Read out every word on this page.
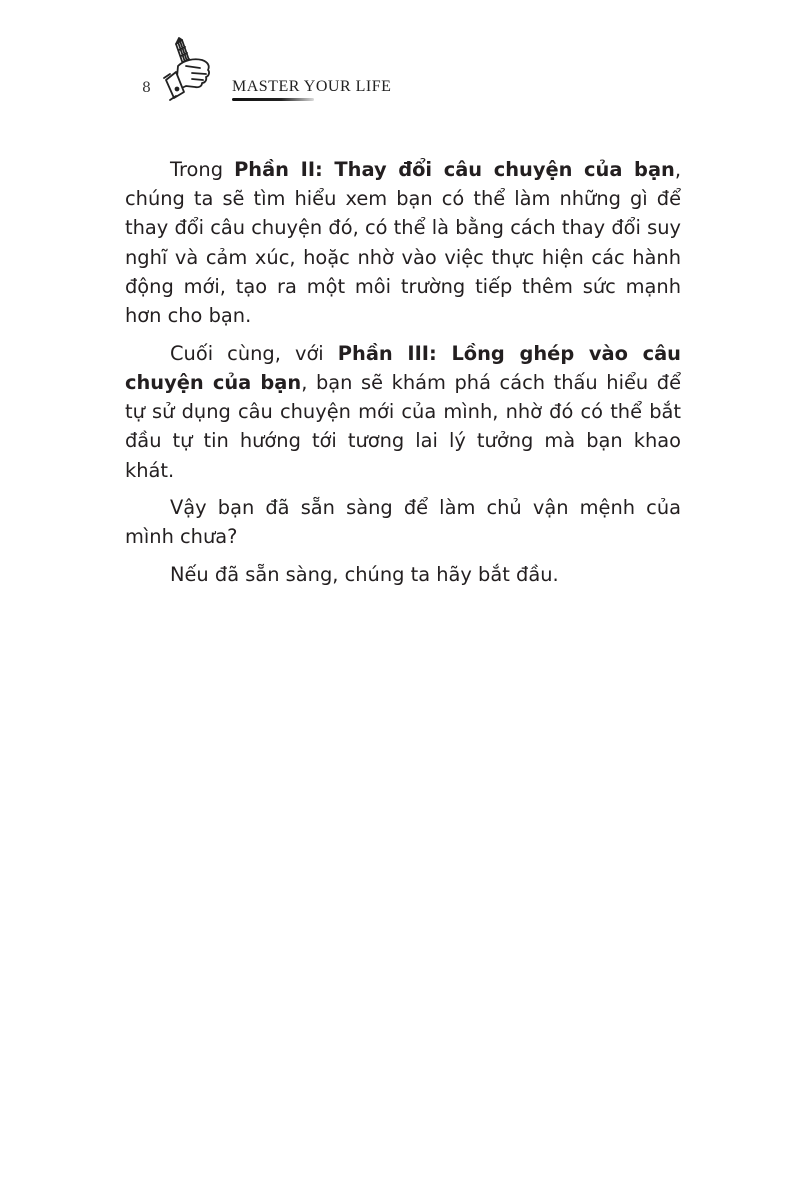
8	MASTER YOUR LIFE

Trong Phần II: Thay đổi câu chuyện của bạn, chúng ta sẽ tìm hiểu xem bạn có thể làm những gì để thay đổi câu chuyện đó, có thể là bằng cách thay đổi suy nghĩ và cảm xúc, hoặc nhờ vào việc thực hiện các hành động mới, tạo ra một môi trường tiếp thêm sức mạnh hơn cho bạn.

Cuối cùng, với Phần III: Lồng ghép vào câu chuyện của bạn, bạn sẽ khám phá cách thấu hiểu để tự sử dụng câu chuyện mới của mình, nhờ đó có thể bắt đầu tự tin hướng tới tương lai lý tưởng mà bạn khao khát.

Vậy bạn đã sẵn sàng để làm chủ vận mệnh của mình chưa?

Nếu đã sẵn sàng, chúng ta hãy bắt đầu.
